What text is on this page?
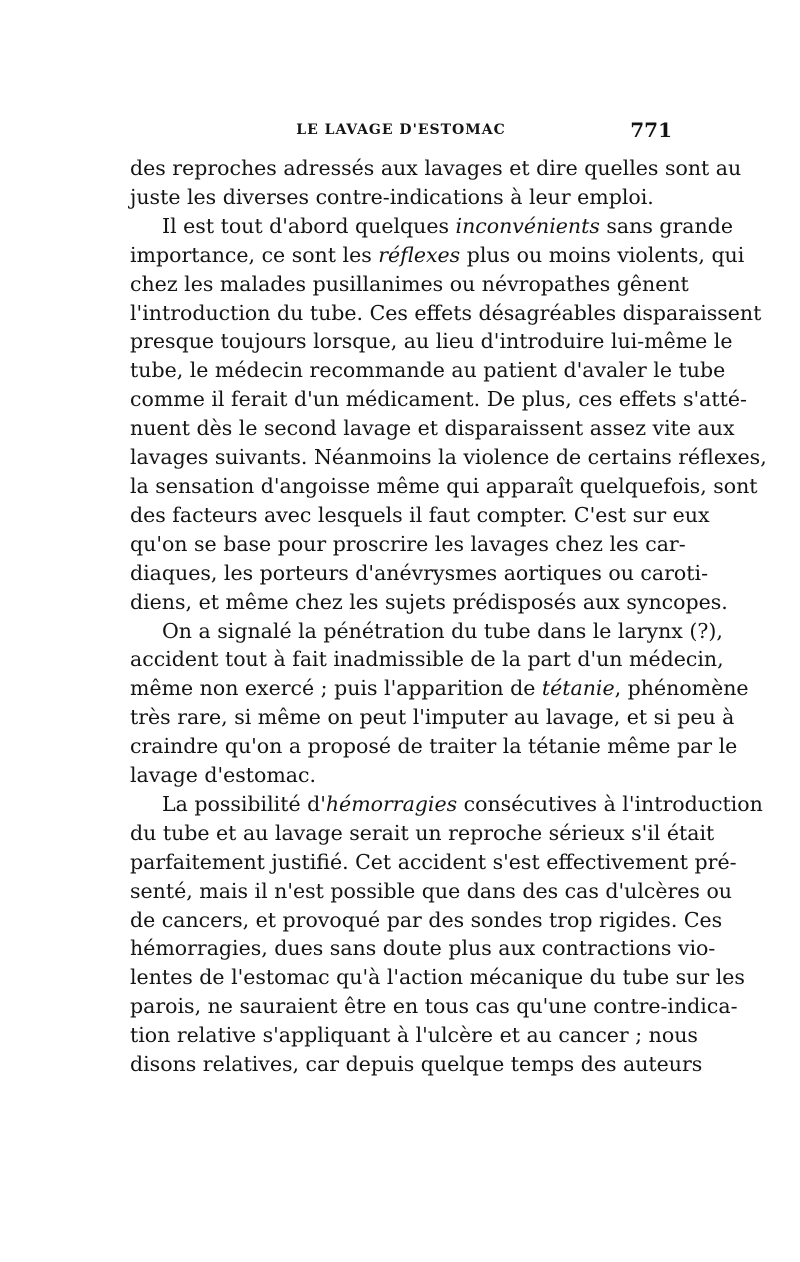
LE LAVAGE D'ESTOMAC	771

des reproches adressés aux lavages et dire quelles sont au
juste les diverses contre-indications à leur emploi.

Il est tout d'abord quelques inconvénients sans grande
importance, ce sont les réflexes plus ou moins violents, qui
chez les malades pusillanimes ou névropathes gênent
l'introduction du tube. Ces effets désagréables disparaissent
presque toujours lorsque, au lieu d'introduire lui-même le
tube, le médecin recommande au patient d'avaler le tube
comme il ferait d'un médicament. De plus, ces effets s'atté-
nuent dès le second lavage et disparaissent assez vite aux
lavages suivants. Néanmoins la violence de certains réflexes,
la sensation d'angoisse même qui apparaît quelquefois, sont
des facteurs avec lesquels il faut compter. C'est sur eux
qu'on se base pour proscrire les lavages chez les car-
diaques, les porteurs d'anévrysmes aortiques ou caroti-
diens, et même chez les sujets prédisposés aux syncopes.

On a signalé la pénétration du tube dans le larynx (?),
accident tout à fait inadmissible de la part d'un médecin,
même non exercé ; puis l'apparition de tétanie, phénomène
très rare, si même on peut l'imputer au lavage, et si peu à
craindre qu'on a proposé de traiter la tétanie même par le
lavage d'estomac.

La possibilité d'hémorragies consécutives à l'introduction
du tube et au lavage serait un reproche sérieux s'il était
parfaitement justifié. Cet accident s'est effectivement pré-
senté, mais il n'est possible que dans des cas d'ulcères ou
de cancers, et provoqué par des sondes trop rigides. Ces
hémorragies, dues sans doute plus aux contractions vio-
lentes de l'estomac qu'à l'action mécanique du tube sur les
parois, ne sauraient être en tous cas qu'une contre-indica-
tion relative s'appliquant à l'ulcère et au cancer ; nous
disons relatives, car depuis quelque temps des auteurs
